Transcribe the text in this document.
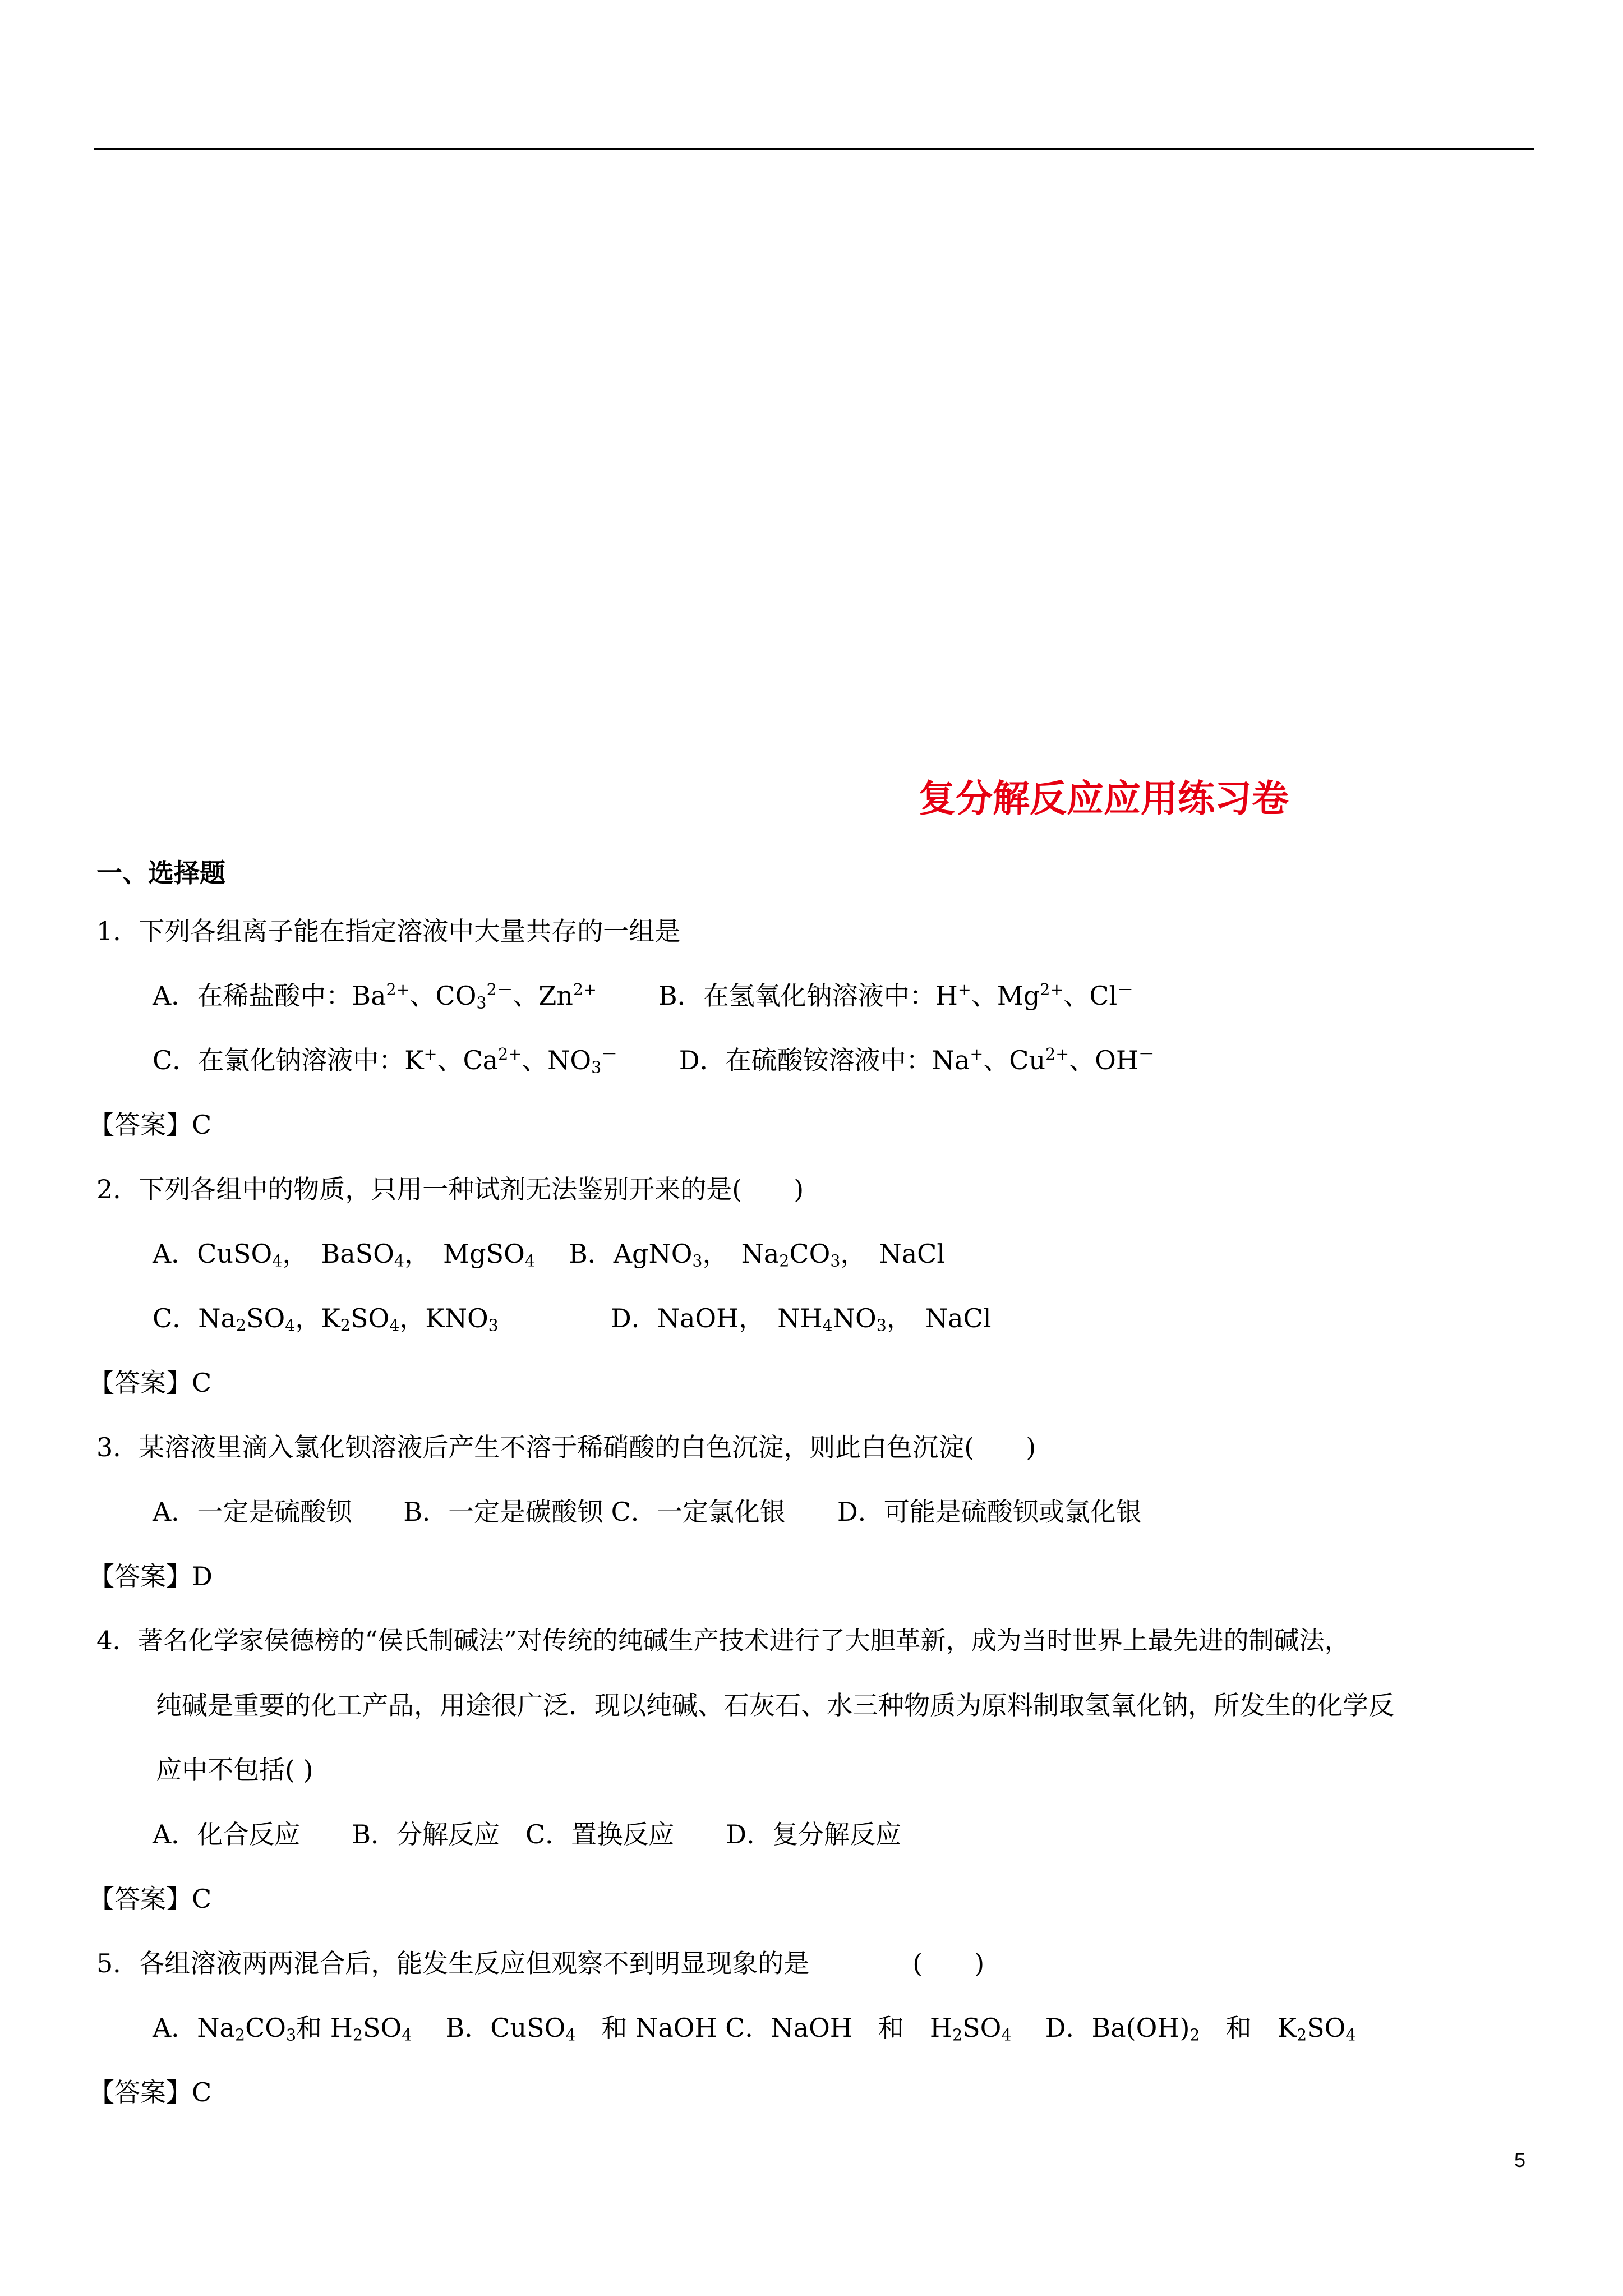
复分解反应应用练习卷
一、选择题
1．下列各组离子能在指定溶液中大量共存的一组是
A．在稀盐酸中：$Ba^{2+}$、$CO_3^{2-}$、$Zn^{2+}$ B．在氢氧化钠溶液中：H+、$Mg^{2+}$、Cl－
C．在氯化钠溶液中：K+、$Ca^{2+}$、$NO_3^-$ D．在硫酸铵溶液中：Na+、$Cu^{2+}$、OH－
【答案】C
2．下列各组中的物质，只用一种试剂无法鉴别开来的是(　　)
A．CuSO$_4$，　BaSO$_4$，　MgSO$_4$ B．AgNO$_3$，　$Na_2CO_3$，　NaCl
C．$Na_2SO_4$，$K_2SO_4$，$KNO_3$	D．NaOH，　$NH_4NO_3$，　NaCl
【答案】C
3．某溶液里滴入氯化钡溶液后产生不溶于稀硝酸的白色沉淀，则此白色沉淀(　　)
A．一定是硫酸钡　　B．一定是碳酸钡 C．一定氯化银　　D．可能是硫酸钡或氯化银
【答案】D
4．著名化学家侯德榜的“侯氏制碱法”对传统的纯碱生产技术进行了大胆革新，成为当时世界上最先进的制碱法，
纯碱是重要的化工产品，用途很广泛．现以纯碱、石灰石、水三种物质为原料制取氢氧化钠，所发生的化学反
应中不包括( )
A．化合反应　　B．分解反应　C．置换反应　　D．复分解反应
【答案】C
5．各组溶液两两混合后，能发生反应但观察不到明显现象的是　　　　(　　)
A．$Na_2CO_3$和 $H_2SO_4$ B．CuSO$_4$　和 NaOH C．NaOH　和　$H_2SO_4$ D．$Ba(OH)_2$　和　$K_2SO_4$
【答案】C
5
